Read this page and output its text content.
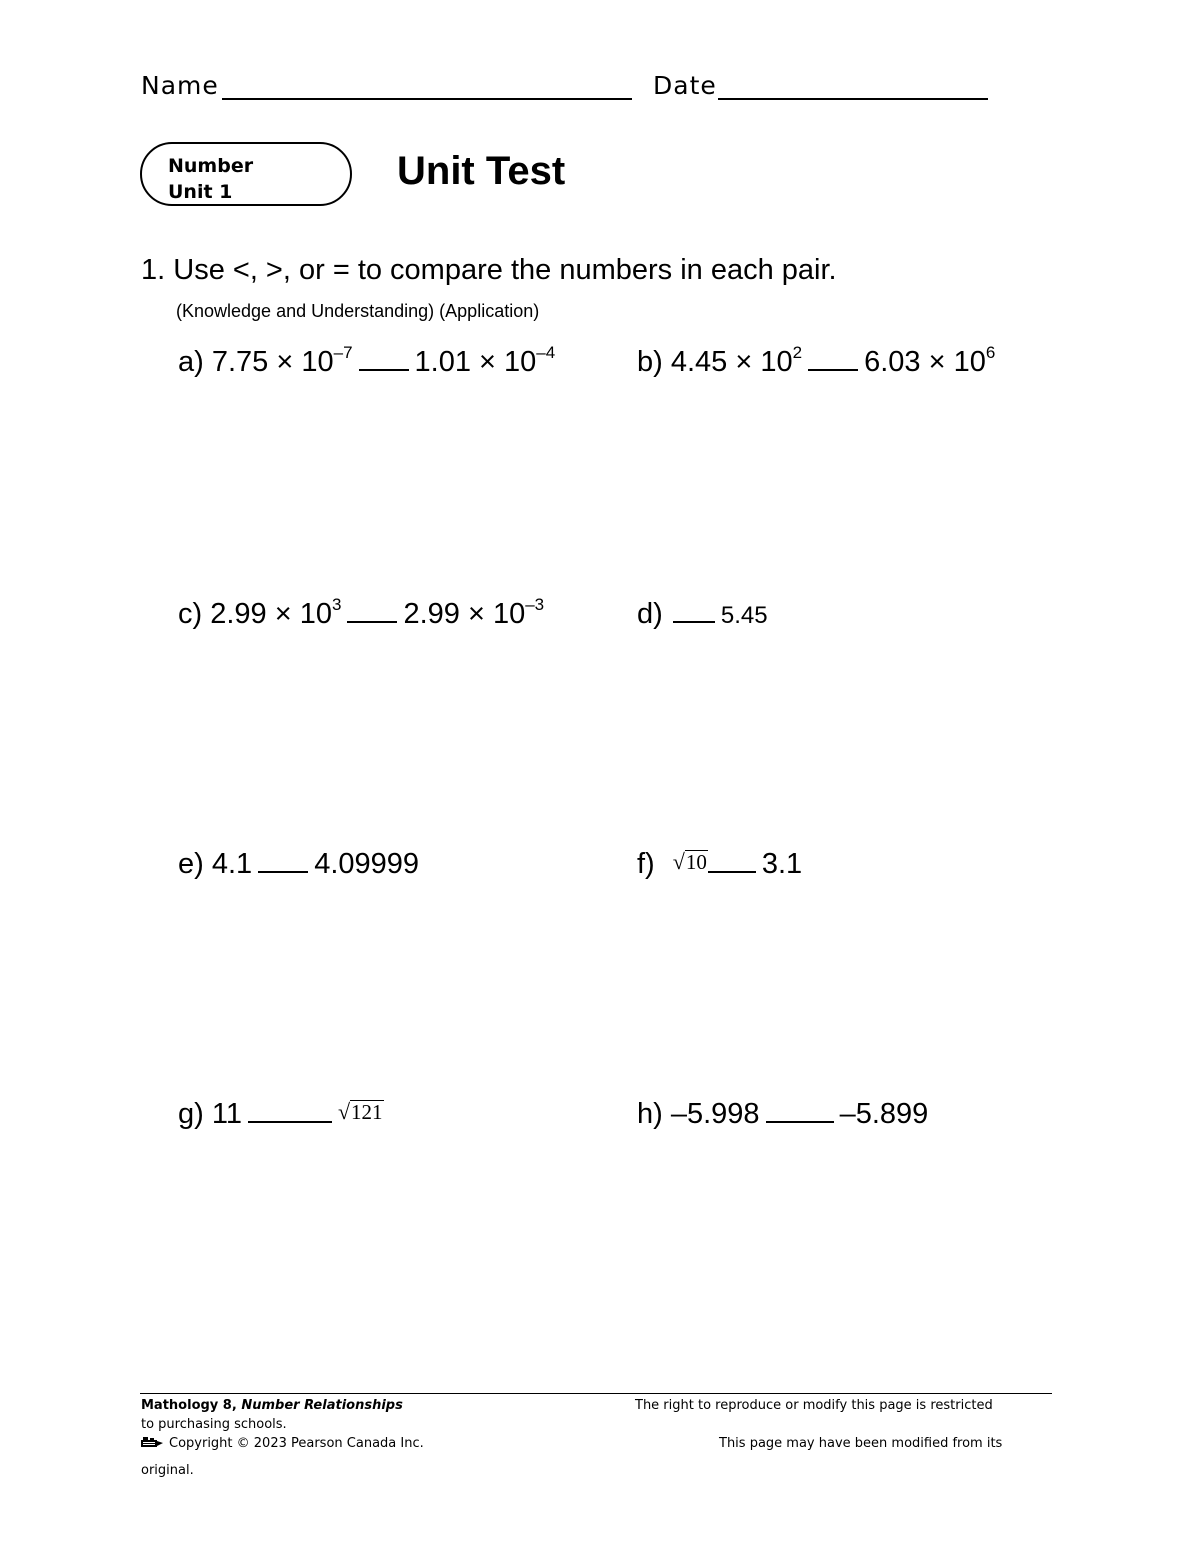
Name	Date
Number
Unit 1	Unit Test
1. Use <, >, or = to compare the numbers in each pair.
(Knowledge and Understanding) (Application)
a) $7.75 \times 10^{-7}$ $1.01 \times 10^{-4}$	b) $4.45 \times 10^2$ $6.03 \times 10^6$
c) $2.99 \times 10^3$ $2.99 \times 10^{-3}$	d) 5.45
e) 4.1 4.09999	f) √10 3.1
g) 11	√121	h) –5.998	–5.899
Mathology 8, Number Relationships	The right to reproduce or modify this page is restricted
to purchasing schools.
Copyright © 2023 Pearson Canada Inc.	This page may have been modified from its
original.
